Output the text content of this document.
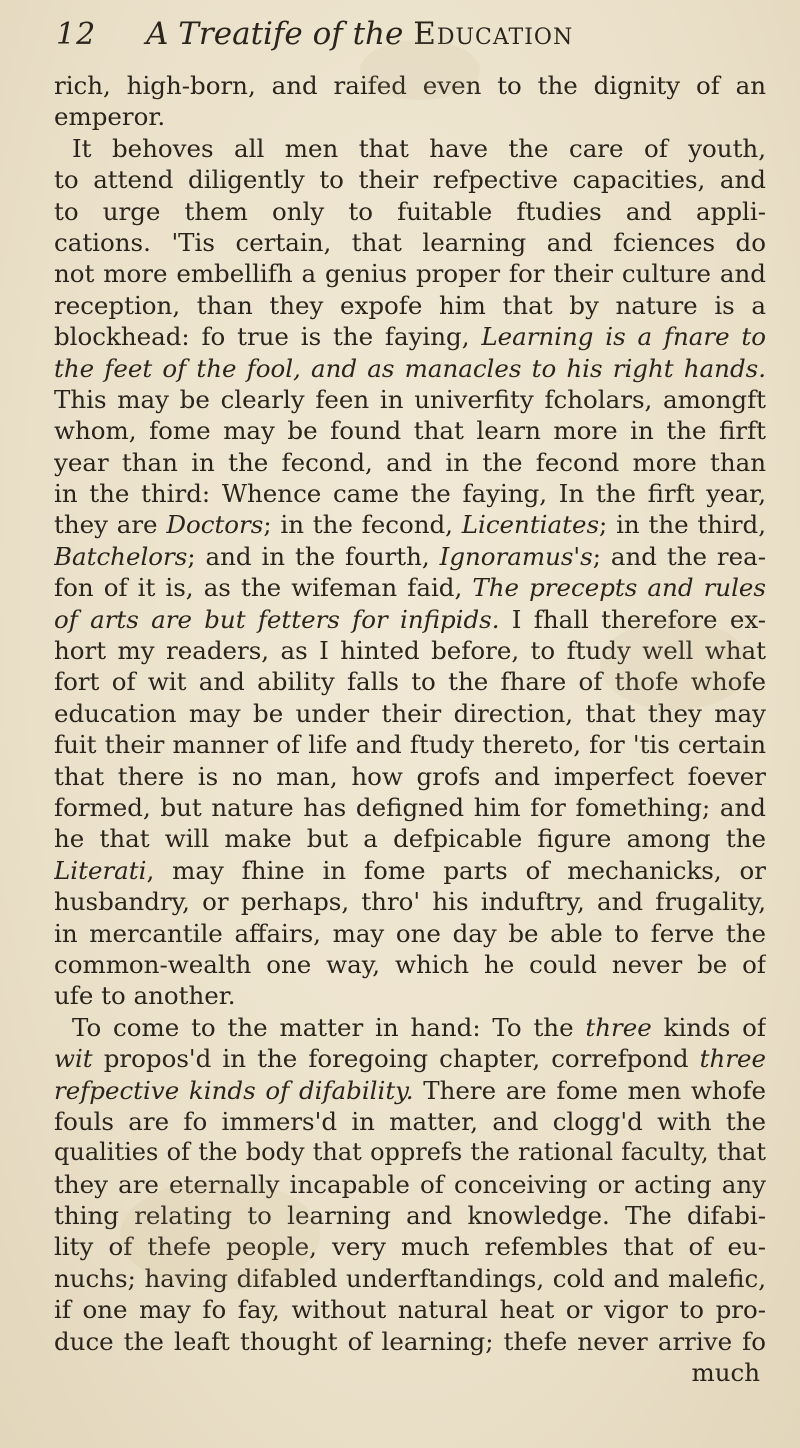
12	A Treatife of the Education
rich, high-born, and raifed even to the dignity of an
emperor.
It behoves all men that have the care of youth,
to attend diligently to their refpective capacities, and
to urge them only to fuitable ftudies and appli-
cations. 'Tis certain, that learning and fciences do
not more embellifh a genius proper for their culture and
reception, than they expofe him that by nature is a
blockhead: fo true is the faying, Learning is a fnare to
the feet of the fool, and as manacles to his right hands.
This may be clearly feen in univerfity fcholars, amongft
whom, fome may be found that learn more in the firft
year than in the fecond, and in the fecond more than
in the third: Whence came the faying, In the firft year,
they are Doctors; in the fecond, Licentiates; in the third,
Batchelors; and in the fourth, Ignoramus's; and the rea-
fon of it is, as the wifeman faid, The precepts and rules
of arts are but fetters for infipids. I fhall therefore ex-
hort my readers, as I hinted before, to ftudy well what
fort of wit and ability falls to the fhare of thofe whofe
education may be under their direction, that they may
fuit their manner of life and ftudy thereto, for 'tis certain
that there is no man, how grofs and imperfect foever
formed, but nature has defigned him for fomething; and
he that will make but a defpicable figure among the
Literati, may fhine in fome parts of mechanicks, or
husbandry, or perhaps, thro' his induftry, and frugality,
in mercantile affairs, may one day be able to ferve the
common-wealth one way, which he could never be of
ufe to another.
To come to the matter in hand: To the three kinds of
wit propos'd in the foregoing chapter, correfpond three
refpective kinds of difability. There are fome men whofe
fouls are fo immers'd in matter, and clogg'd with the
qualities of the body that opprefs the rational faculty, that
they are eternally incapable of conceiving or acting any
thing relating to learning and knowledge. The difabi-
lity of thefe people, very much refembles that of eu-
nuchs; having difabled underftandings, cold and malefic,
if one may fo fay, without natural heat or vigor to pro-
duce the leaft thought of learning; thefe never arrive fo
much
